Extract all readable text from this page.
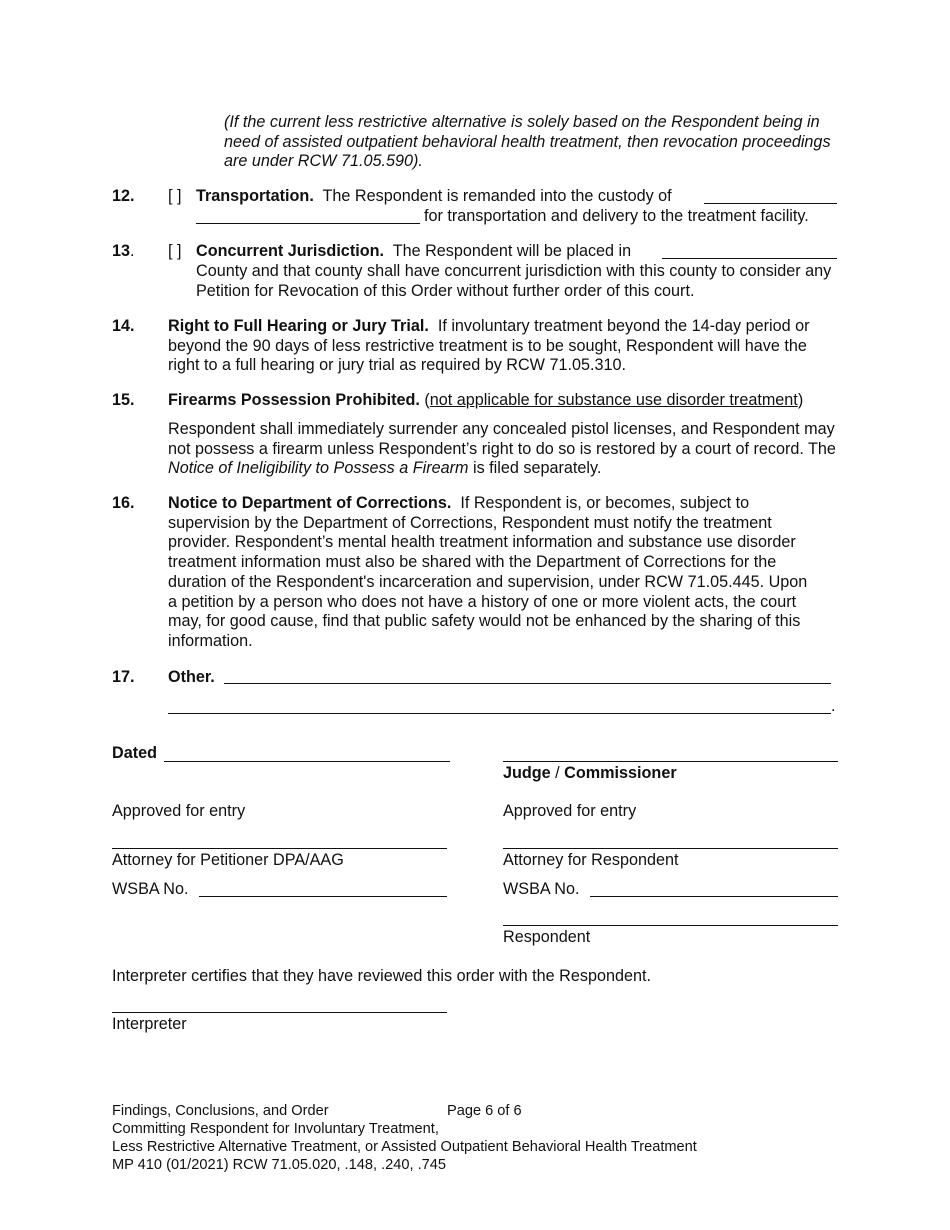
(If the current less restrictive alternative is solely based on the Respondent being in need of assisted outpatient behavioral health treatment, then revocation proceedings are under RCW 71.05.590).
12. [ ] Transportation. The Respondent is remanded into the custody of
for transportation and delivery to the treatment facility.
13. [ ] Concurrent Jurisdiction. The Respondent will be placed in
County and that county shall have concurrent jurisdiction with this county to consider any Petition for Revocation of this Order without further order of this court.
14. Right to Full Hearing or Jury Trial. If involuntary treatment beyond the 14-day period or beyond the 90 days of less restrictive treatment is to be sought, Respondent will have the right to a full hearing or jury trial as required by RCW 71.05.310.
15. Firearms Possession Prohibited. (not applicable for substance use disorder treatment)
Respondent shall immediately surrender any concealed pistol licenses, and Respondent may not possess a firearm unless Respondent’s right to do so is restored by a court of record. The Notice of Ineligibility to Possess a Firearm is filed separately.
16. Notice to Department of Corrections. If Respondent is, or becomes, subject to supervision by the Department of Corrections, Respondent must notify the treatment provider. Respondent’s mental health treatment information and substance use disorder treatment information must also be shared with the Department of Corrections for the duration of the Respondent's incarceration and supervision, under RCW 71.05.445. Upon a petition by a person who does not have a history of one or more violent acts, the court may, for good cause, find that public safety would not be enhanced by the sharing of this information.
17. Other.
.
Dated
Judge / Commissioner
Approved for entry	Approved for entry
Attorney for Petitioner DPA/AAG	Attorney for Respondent
WSBA No.	WSBA No.
Respondent
Interpreter certifies that they have reviewed this order with the Respondent.
Interpreter
Findings, Conclusions, and Order	Page 6 of 6
Committing Respondent for Involuntary Treatment,
Less Restrictive Alternative Treatment, or Assisted Outpatient Behavioral Health Treatment
MP 410 (01/2021) RCW 71.05.020, .148, .240, .745
